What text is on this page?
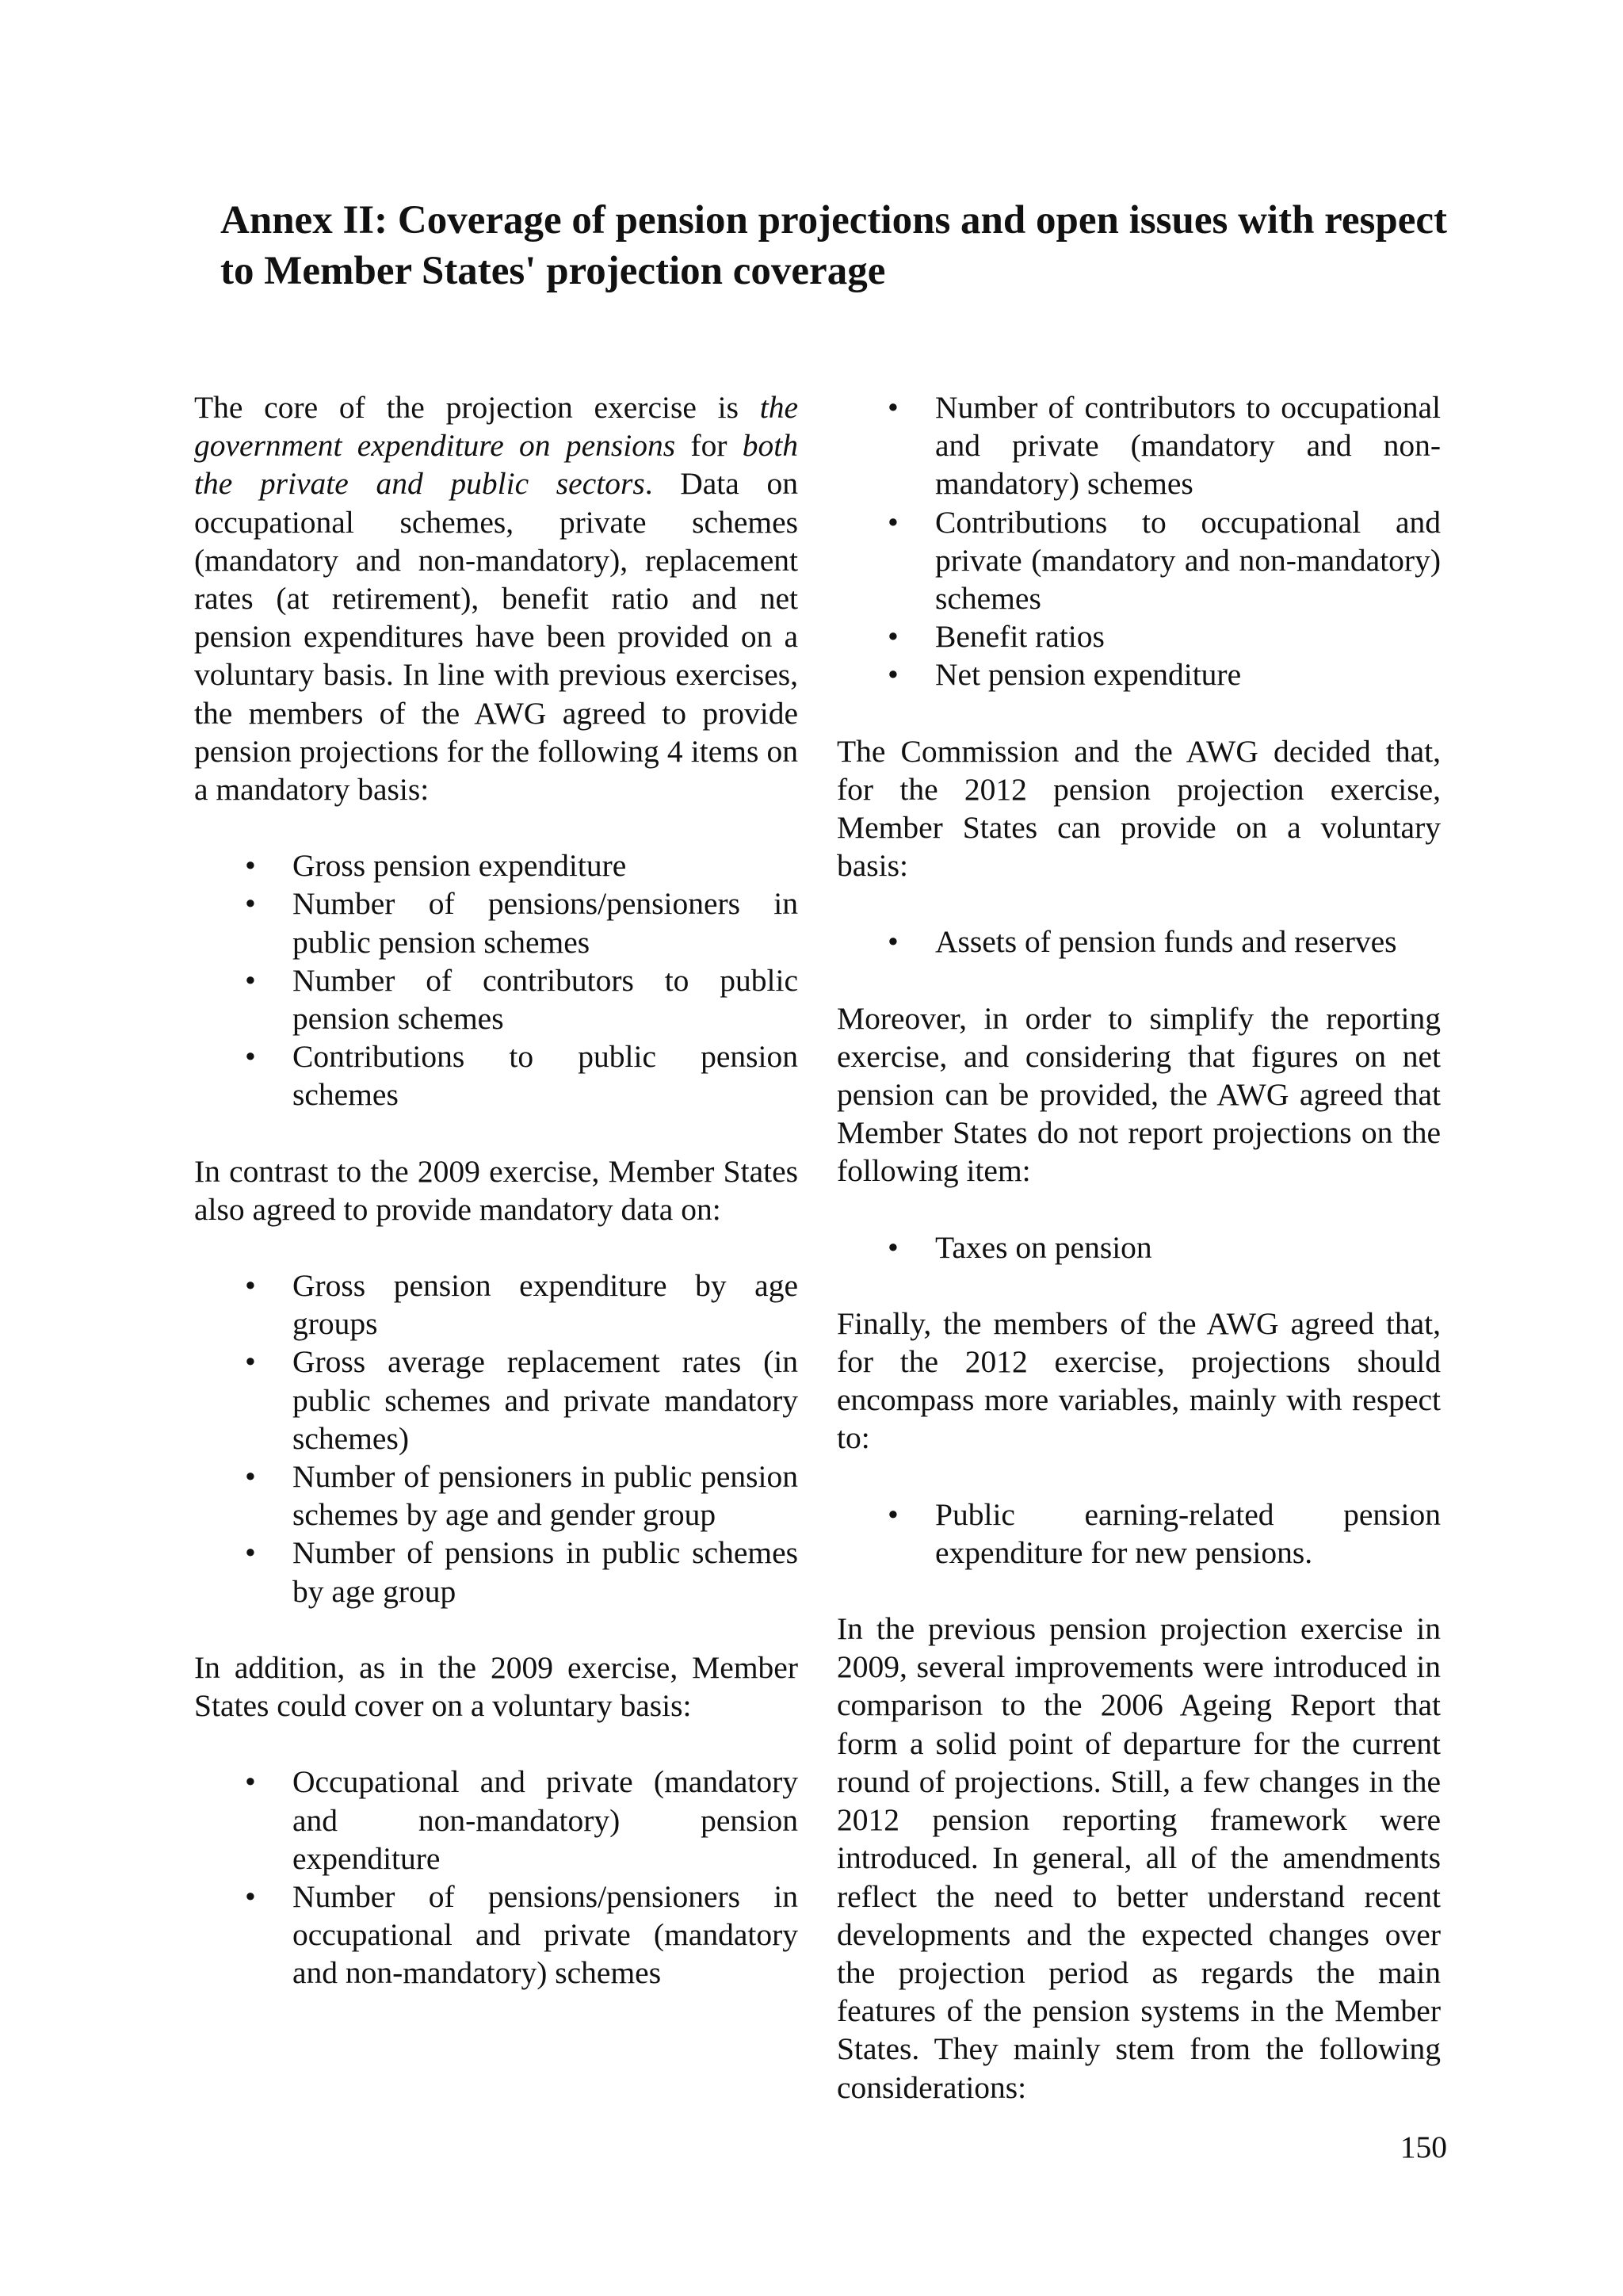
Annex II: Coverage of pension projections and open issues with respect to Member States' projection coverage

The core of the projection exercise is the government expenditure on pensions for both the private and public sectors. Data on occupational schemes, private schemes (mandatory and non-mandatory), replacement rates (at retirement), benefit ratio and net pension expenditures have been provided on a voluntary basis. In line with previous exercises, the members of the AWG agreed to provide pension projections for the following 4 items on a mandatory basis:

• Gross pension expenditure
• Number of pensions/pensioners in public pension schemes
• Number of contributors to public pension schemes
• Contributions to public pension schemes

In contrast to the 2009 exercise, Member States also agreed to provide mandatory data on:

• Gross pension expenditure by age groups
• Gross average replacement rates (in public schemes and private mandatory schemes)
• Number of pensioners in public pension schemes by age and gender group
• Number of pensions in public schemes by age group

In addition, as in the 2009 exercise, Member States could cover on a voluntary basis:

• Occupational and private (mandatory and non-mandatory) pension expenditure
• Number of pensions/pensioners in occupational and private (mandatory and non-mandatory) schemes
• Number of contributors to occupational and private (mandatory and non-mandatory) schemes
• Contributions to occupational and private (mandatory and non-mandatory) schemes
• Benefit ratios
• Net pension expenditure

The Commission and the AWG decided that, for the 2012 pension projection exercise, Member States can provide on a voluntary basis:

• Assets of pension funds and reserves

Moreover, in order to simplify the reporting exercise, and considering that figures on net pension can be provided, the AWG agreed that Member States do not report projections on the following item:

• Taxes on pension

Finally, the members of the AWG agreed that, for the 2012 exercise, projections should encompass more variables, mainly with respect to:

• Public earning-related pension expenditure for new pensions.

In the previous pension projection exercise in 2009, several improvements were introduced in comparison to the 2006 Ageing Report that form a solid point of departure for the current round of projections. Still, a few changes in the 2012 pension reporting framework were introduced. In general, all of the amendments reflect the need to better understand recent developments and the expected changes over the projection period as regards the main features of the pension systems in the Member States. They mainly stem from the following considerations:

150
